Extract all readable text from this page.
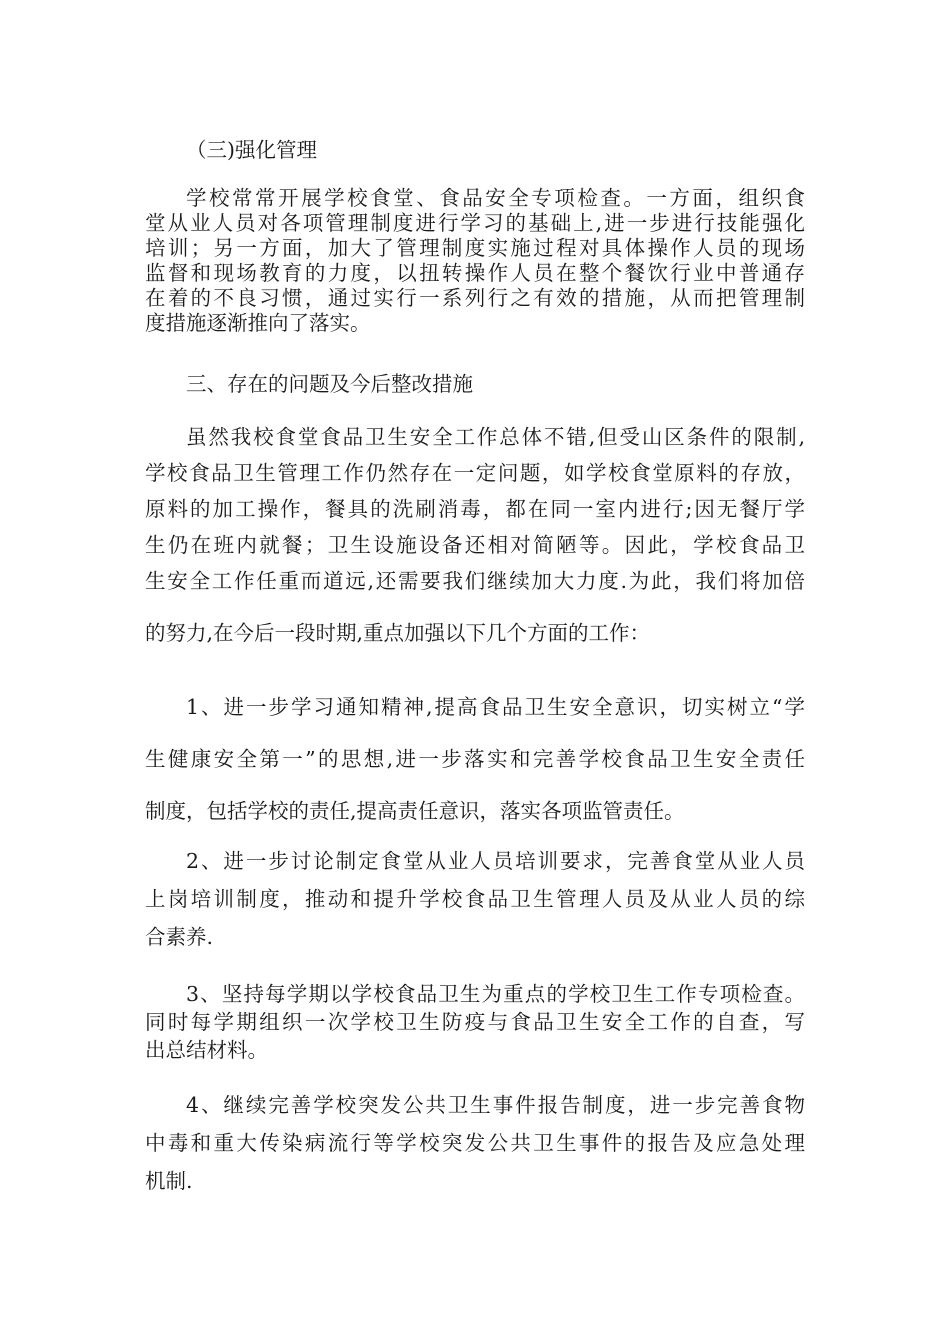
（三)强化管理
学校常常开展学校食堂、食品安全专项检查。一方面，组织食
堂从业人员对各项管理制度进行学习的基础上,进一步进行技能强化
培训；另一方面，加大了管理制度实施过程对具体操作人员的现场
监督和现场教育的力度，以扭转操作人员在整个餐饮行业中普通存
在着的不良习惯，通过实行一系列行之有效的措施，从而把管理制
度措施逐渐推向了落实。
三、存在的问题及今后整改措施
虽然我校食堂食品卫生安全工作总体不错,但受山区条件的限制,
学校食品卫生管理工作仍然存在一定问题，如学校食堂原料的存放，
原料的加工操作，餐具的洗刷消毒，都在同一室内进行;因无餐厅学
生仍在班内就餐；卫生设施设备还相对简陋等。因此，学校食品卫
生安全工作任重而道远,还需要我们继续加大力度.为此，我们将加倍
的努力,在今后一段时期,重点加强以下几个方面的工作：
1、进一步学习通知精神,提高食品卫生安全意识，切实树立“学
生健康安全第一”的思想,进一步落实和完善学校食品卫生安全责任
制度，包括学校的责任,提高责任意识，落实各项监管责任。
2、进一步讨论制定食堂从业人员培训要求，完善食堂从业人员
上岗培训制度，推动和提升学校食品卫生管理人员及从业人员的综
合素养.
3、坚持每学期以学校食品卫生为重点的学校卫生工作专项检查。
同时每学期组织一次学校卫生防疫与食品卫生安全工作的自查，写
出总结材料。
4、继续完善学校突发公共卫生事件报告制度，进一步完善食物
中毒和重大传染病流行等学校突发公共卫生事件的报告及应急处理
机制.
